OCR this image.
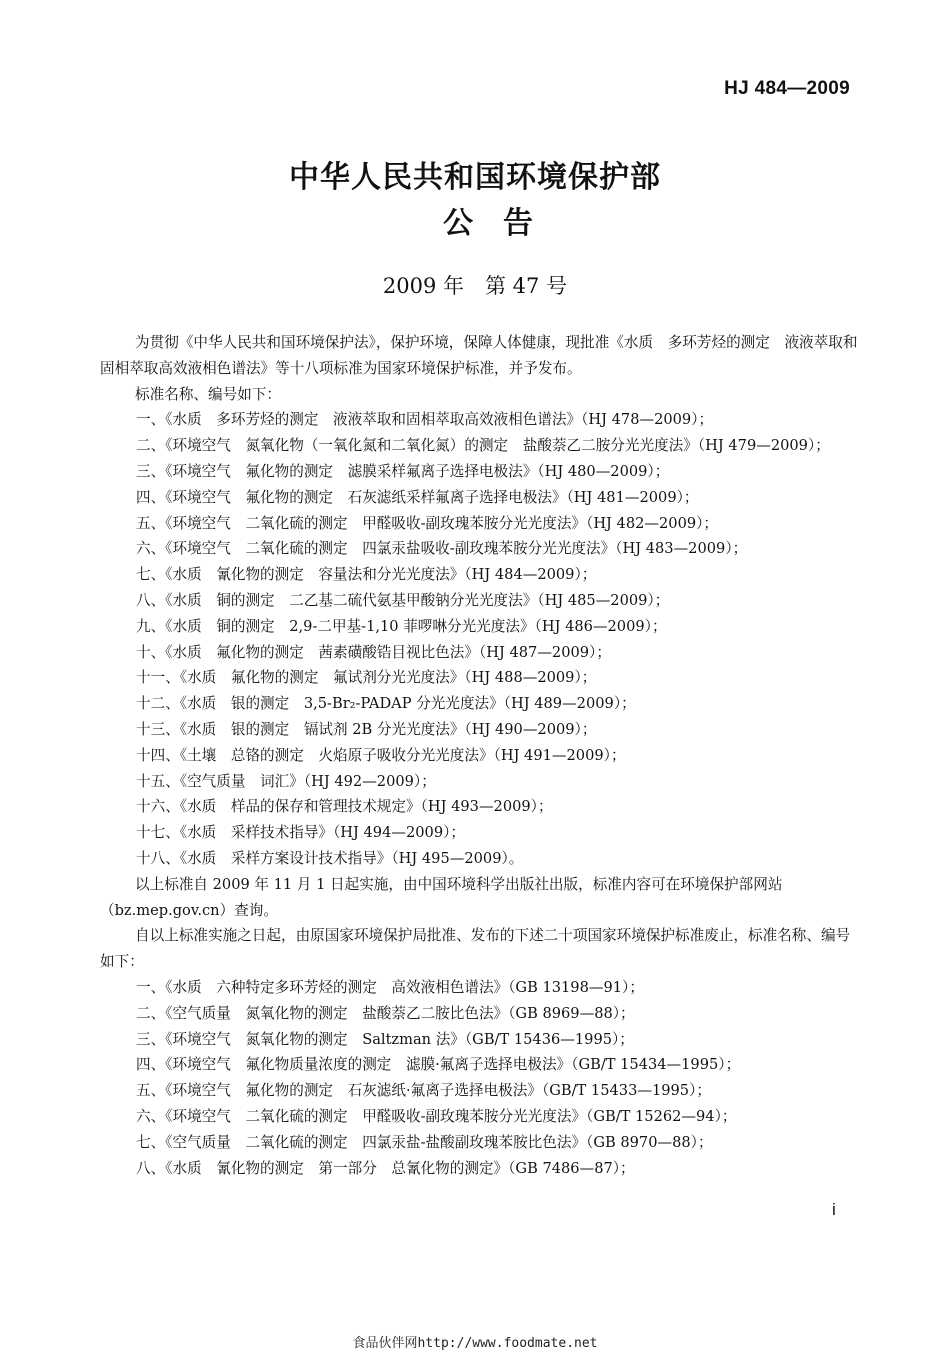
HJ 484—2009
中华人民共和国环境保护部
公告
2009 年　第 47 号

为贯彻《中华人民共和国环境保护法》，保护环境，保障人体健康，现批准《水质　多环芳烃的测定　液液萃取和固相萃取高效液相色谱法》等十八项标准为国家环境保护标准，并予发布。

标准名称、编号如下：

一、《水质　多环芳烃的测定　液液萃取和固相萃取高效液相色谱法》（HJ 478—2009）；

二、《环境空气　氮氧化物（一氧化氮和二氧化氮）的测定　盐酸萘乙二胺分光光度法》（HJ 479—2009）；

三、《环境空气　氟化物的测定　滤膜采样氟离子选择电极法》（HJ 480—2009）；

四、《环境空气　氟化物的测定　石灰滤纸采样氟离子选择电极法》（HJ 481—2009）；

五、《环境空气　二氧化硫的测定　甲醛吸收-副玫瑰苯胺分光光度法》（HJ 482—2009）；

六、《环境空气　二氧化硫的测定　四氯汞盐吸收-副玫瑰苯胺分光光度法》（HJ 483—2009）；

七、《水质　氰化物的测定　容量法和分光光度法》（HJ 484—2009）；

八、《水质　铜的测定　二乙基二硫代氨基甲酸钠分光光度法》（HJ 485—2009）；

九、《水质　铜的测定　2,9-二甲基-1,10 菲啰啉分光光度法》（HJ 486—2009）；

十、《水质　氟化物的测定　茜素磺酸锆目视比色法》（HJ 487—2009）；

十一、《水质　氟化物的测定　氟试剂分光光度法》（HJ 488—2009）；

十二、《水质　银的测定　3,5-Br₂-PADAP 分光光度法》（HJ 489—2009）；

十三、《水质　银的测定　镉试剂 2B 分光光度法》（HJ 490—2009）；

十四、《土壤　总铬的测定　火焰原子吸收分光光度法》（HJ 491—2009）；

十五、《空气质量　词汇》（HJ 492—2009）；

十六、《水质　样品的保存和管理技术规定》（HJ 493—2009）；

十七、《水质　采样技术指导》（HJ 494—2009）；

十八、《水质　采样方案设计技术指导》（HJ 495—2009）。

以上标准自 2009 年 11 月 1 日起实施，由中国环境科学出版社出版，标准内容可在环境保护部网站（bz.mep.gov.cn）查询。

自以上标准实施之日起，由原国家环境保护局批准、发布的下述二十项国家环境保护标准废止，标准名称、编号如下：

一、《水质　六种特定多环芳烃的测定　高效液相色谱法》（GB 13198—91）；

二、《空气质量　氮氧化物的测定　盐酸萘乙二胺比色法》（GB 8969—88）；

三、《环境空气　氮氧化物的测定　Saltzman 法》（GB/T 15436—1995）；

四、《环境空气　氟化物质量浓度的测定　滤膜·氟离子选择电极法》（GB/T 15434—1995）；

五、《环境空气　氟化物的测定　石灰滤纸·氟离子选择电极法》（GB/T 15433—1995）；

六、《环境空气　二氧化硫的测定　甲醛吸收-副玫瑰苯胺分光光度法》（GB/T 15262—94）；

七、《空气质量　二氧化硫的测定　四氯汞盐-盐酸副玫瑰苯胺比色法》（GB 8970—88）；

八、《水质　氰化物的测定　第一部分　总氰化物的测定》（GB 7486—87）；

i
食品伙伴网http://www.foodmate.net
